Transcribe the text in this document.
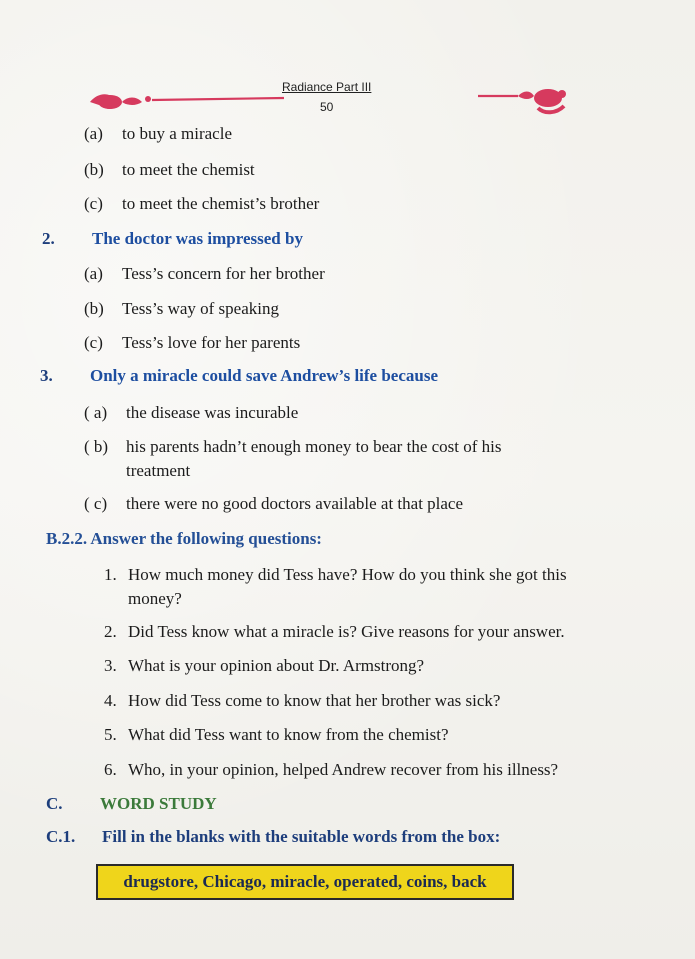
Radiance Part III
50
(a) to buy a miracle
(b) to meet the chemist
(c) to meet the chemist’s brother
2. The doctor was impressed by
(a) Tess’s concern for her brother
(b) Tess’s way of speaking
(c) Tess’s love for her parents
3. Only a miracle could save Andrew’s life because
( a) the disease was incurable
( b) his parents hadn’t enough money to bear the cost of his
treatment
( c) there were no good doctors available at that place
B.2.2. Answer the following questions:
1. How much money did Tess have? How do you think she got this
money?
2. Did Tess know what a miracle is? Give reasons for your answer.
3. What is your opinion about Dr. Armstrong?
4. How did Tess come to know that her brother was sick?
5. What did Tess want to know from the chemist?
6. Who, in your opinion, helped Andrew recover from his illness?
C. WORD STUDY
C.1. Fill in the blanks with the suitable words from the box:
drugstore, Chicago, miracle, operated, coins, back
